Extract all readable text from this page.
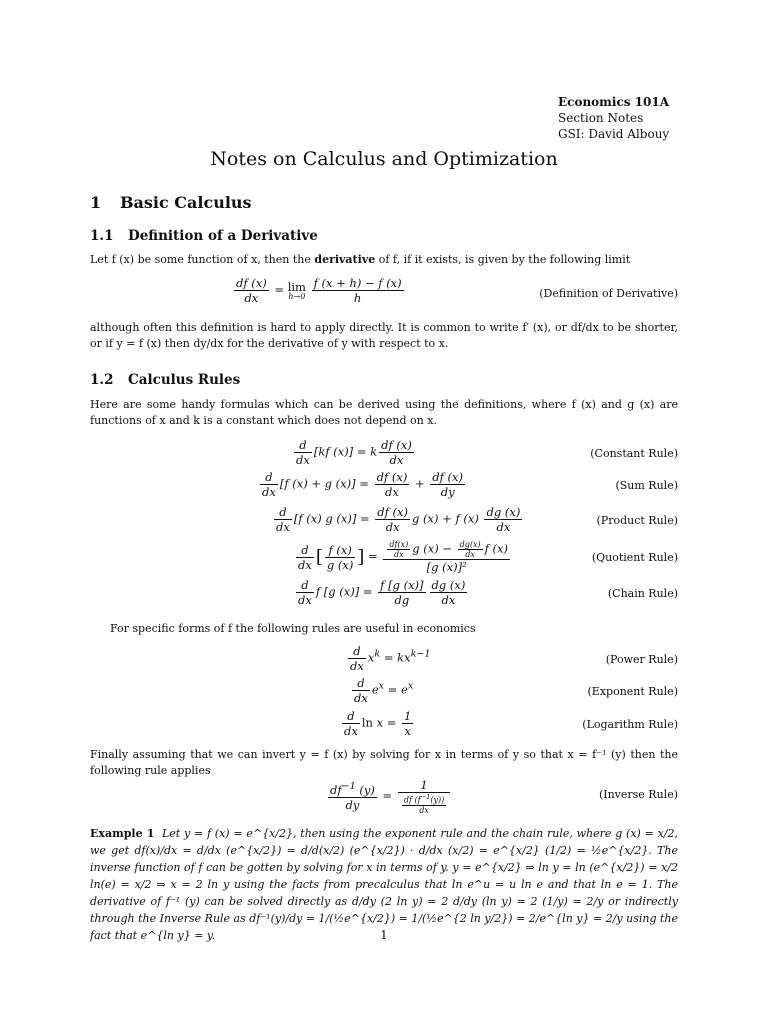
Economics 101A
Section Notes
GSI: David Albouy
Notes on Calculus and Optimization
1 Basic Calculus
1.1 Definition of a Derivative
Let f (x) be some function of x, then the derivative of f, if it exists, is given by the following limit
$\frac{df (x)}{dx} = \lim$
h→0
$\frac{f (x + h) - f (x)}{h}$	(Definition of Derivative)
although often this definition is hard to apply directly. It is common to write f′ (x), or df/dx to be shorter, or if y = f (x) then dy/dx for the derivative of y with respect to x.
1.2 Calculus Rules
Here are some handy formulas which can be derived using the definitions, where f (x) and g (x) are functions of x and k is a constant which does not depend on x.
$\frac{d}{dx} [kf$ (x)] = k $\frac{df (x)}{dx}$	(Constant Rule)
$\frac{d}{dx} [f$ (x) + g $(x)] = \frac{df (x)}{dx} + \frac{df (x)}{dy}$	(Sum Rule)
$\frac{d}{dx} [f$ (x) g $(x)] = \frac{df (x)}{dx}$ g (x) + f $(x) \frac{dg (x)}{dx}$	(Product Rule)
$\frac{d}{dx}$ [ $\frac{f (x)}{g (x)}$ ] = $\frac{\frac{df(x)}{dx} g (x) - \frac{dg(x)}{dx} f (x)}{\text{[g (x)]²}}$	(Quotient Rule)
$\frac{d}{dx}$ f [g $(x)] = \frac{f [g (x)]}{dg} \frac{dg (x)}{dx}$	(Chain Rule)
For specific forms of f the following rules are useful in economics
$\frac{d}{dx} x^k = kx^{k-1}$	(Power Rule)
$\frac{d}{dx} e^x = e^x$	(Exponent Rule)
$\frac{d}{dx}$ $\ln x = \frac{1}{x}$	(Logarithm Rule)
Finally assuming that we can invert y = f (x) by solving for x in terms of y so that x = f⁻¹ (y) then the following rule applies
$\frac{df^{-1} (y)}{dy} = \frac{1}{\frac{df (f^{-1}(y))}{dx}}$	(Inverse Rule)
Example 1 Let y = f (x) = e^{x/2}, then using the exponent rule and the chain rule, where g (x) = x/2, we get df(x)/dx = d/dx (e^{x/2}) = d/d(x/2) (e^{x/2}) · d/dx (x/2) = e^{x/2} (1/2) = ½e^{x/2}. The inverse function of f can be gotten by solving for x in terms of y. y = e^{x/2} ⇒ ln y = ln (e^{x/2}) = x/2 ln(e) = x/2 ⇒ x = 2 ln y using the facts from precalculus that ln e^u = u ln e and that ln e = 1. The derivative of f⁻¹ (y) can be solved directly as d/dy (2 ln y) = 2 d/dy (ln y) = 2 (1/y) = 2/y or indirectly through the Inverse Rule as df⁻¹(y)/dy = 1/(½e^{x/2}) = 1/(½e^{2 ln y/2}) = 2/e^{ln y} = 2/y using the fact that e^{ln y} = y.	1
